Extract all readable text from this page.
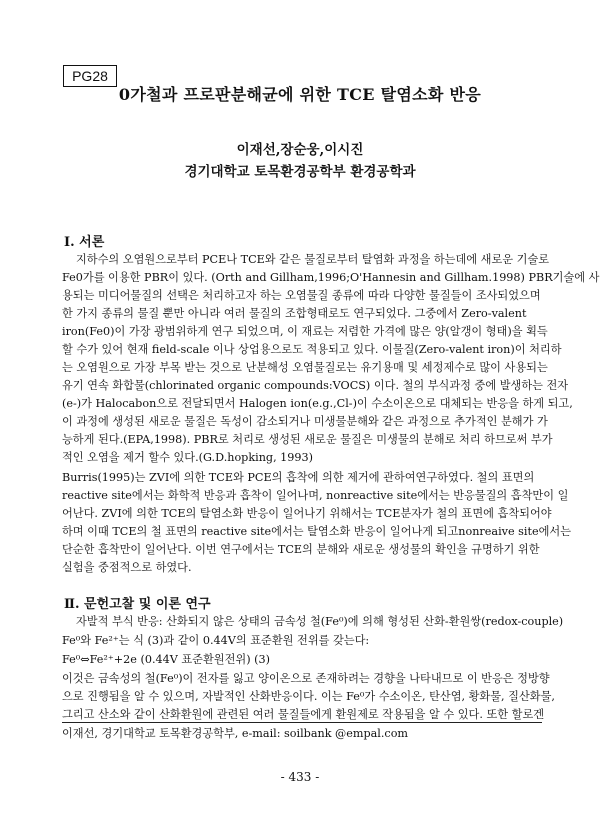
PG28
0가철과 프로판분해균에 위한 TCE 탈염소화 반응
이재선,장순웅,이시진
경기대학교 토목환경공학부 환경공학과
Ⅰ. 서론
지하수의 오염원으로부터 PCE나 TCE와 같은 물질로부터 탈염화 과정을 하는데에 새로운 기술로
Fe0가를 이용한 PBR이 있다. (Orth and Gillham,1996;O'Hannesin and Gillham.1998) PBR기술에 사
용되는 미디어물질의 선택은 처리하고자 하는 오염물질 종류에 따라 다양한 물질들이 조사되었으며
한 가지 종류의 물질 뿐만 아니라 여러 물질의 조합형태로도 연구되었다. 그중에서 Zero-valent
iron(Fe0)이 가장 광범위하게 연구 되었으며, 이 재료는 저렴한 가격에 많은 양(알갱이 형태)을 획득
할 수가 있어 현재 field-scale 이나 상업용으로도 적용되고 있다. 이물질(Zero-valent iron)이 처리하
는 오염원으로 가장 부목 받는 것으로 난분해성 오염물질로는 유기용매 및 세정제수로 많이 사용되는
유기 연속 화합물(chlorinated organic compounds:VOCS) 이다. 철의 부식과정 중에 발생하는 전자
(e-)가 Halocabon으로 전달되면서 Halogen ion(e.g.,Cl-)이 수소이온으로 대체되는 반응을 하게 되고,
이 과정에 생성된 새로운 물질은 독성이 감소되거나 미생물분해와 같은 과정으로 추가적인 분해가 가
능하게 된다.(EPA,1998). PBR로 처리로 생성된 새로운 물질은 미생물의 분해로 처리 하므로써 부가
적인 오염을 제거 할수 있다.(G.D.hopking, 1993)
Burris(1995)는 ZVI에 의한 TCE와 PCE의 흡착에 의한 제거에 관하여연구하였다. 철의 표면의
reactive site에서는 화학적 반응과 흡착이 일어나며, nonreactive site에서는 반응물질의 흡착만이 일
어난다. ZVI에 의한 TCE의 탈염소화 반응이 일어나기 위해서는 TCE분자가 철의 표면에 흡착되어야
하며 이때 TCE의 철 표면의 reactive site에서는 탈염소화 반응이 일어나게 되고nonreaive site에서는
단순한 흡착만이 일어난다. 이번 연구에서는 TCE의 분해와 새로운 생성물의 확인을 규명하기 위한
실험을 중점적으로 하였다.
Ⅱ. 문헌고찰 및 이론 연구
자발적 부식 반응: 산화되지 않은 상태의 금속성 철(Fe⁰)에 의해 형성된 산화-환원쌍(redox-couple)
Fe⁰와 Fe²⁺는 식 (3)과 같이 0.44V의 표준환원 전위를 갖는다:
Fe⁰⇔Fe²⁺+2e (0.44V 표준환원전위) (3)
이것은 금속성의 철(Fe⁰)이 전자를 잃고 양이온으로 존재하려는 경향을 나타내므로 이 반응은 정방향
으로 진행됨을 알 수 있으며, 자발적인 산화반응이다. 이는 Fe⁰가 수소이온, 탄산염, 황화물, 질산화물,
그리고 산소와 같이 산화환원에 관련된 여러 물질들에게 환원제로 작용됨을 알 수 있다. 또한 할로겐
이재선, 경기대학교 토목환경공학부, e-mail: soilbank @empal.com
- 433 -
